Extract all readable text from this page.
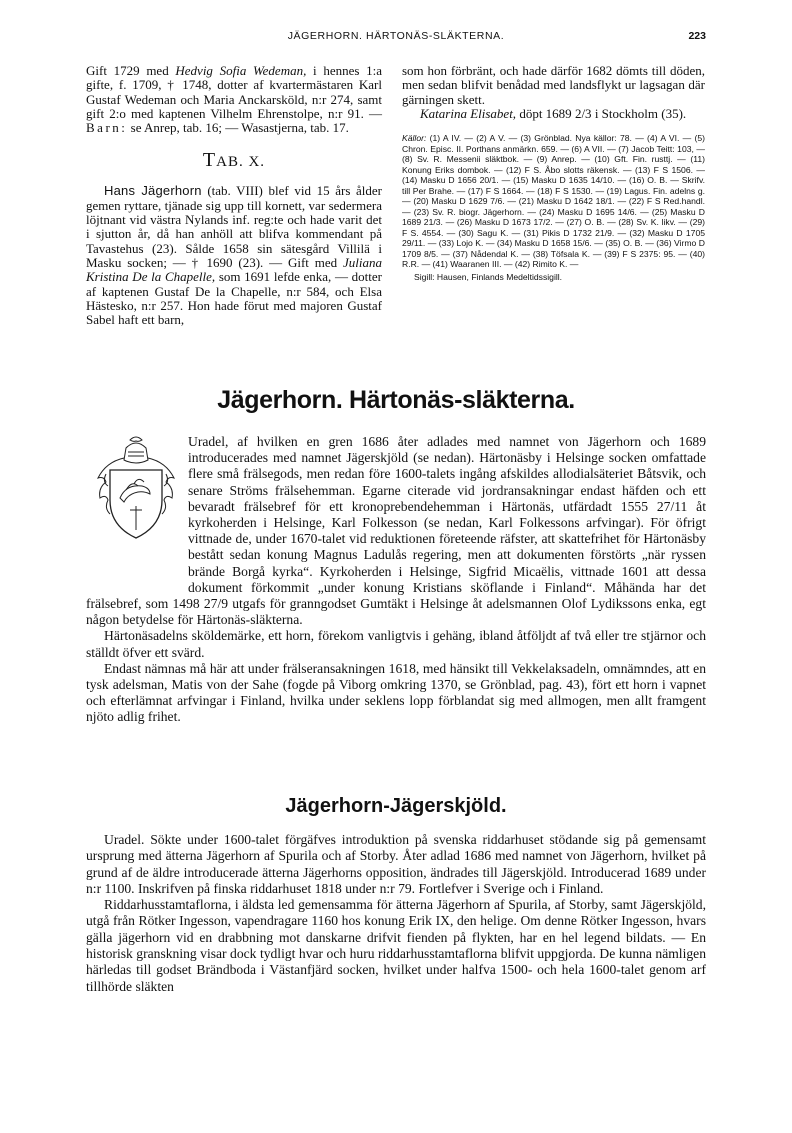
JÄGERHORN. HÄRTONÄS-SLÄKTERNA.	223

Gift 1729 med Hedvig Sofia Wedeman, i hennes 1:a gifte, f. 1709, † 1748, dotter af kvartermästaren Karl Gustaf Wedeman och Maria Anckarsköld, n:r 274, samt gift 2:o med kaptenen Vilhelm Ehrenstolpe, n:r 91. — Barn: se Anrep, tab. 16; — Wasastjerna, tab. 17.

TAB. X.

Hans Jägerhorn (tab. VIII) blef vid 15 års ålder gemen ryttare, tjänade sig upp till kornett, var sedermera löjtnant vid västra Nylands inf. reg:te och hade varit det i sjutton år, då han anhöll att blifva kommendant på Tavastehus (23). Sålde 1658 sin sätesgård Villilä i Masku socken; — † 1690 (23). — Gift med Juliana Kristina De la Chapelle, som 1691 lefde enka, — dotter af kaptenen Gustaf De la Chapelle, n:r 584, och Elsa Hästesko, n:r 257. Hon hade förut med majoren Gustaf Sabel haft ett barn,

som hon förbränt, och hade därför 1682 dömts till döden, men sedan blifvit benådad med landsflykt ur lagsagan där gärningen skett.

Katarina Elisabet, döpt 1689 2/3 i Stockholm (35).

Källor: (1) A IV. — (2) A V. — (3) Grönblad. Nya källor: 78. — (4) A VI. — (5) Chron. Episc. II. Porthans anmärkn. 659. — (6) A VII. — (7) Jacob Teitt: 103, — (8) Sv. R. Messenii släktbok. — (9) Anrep. — (10) Gft. Fin. rusttj. — (11) Konung Eriks dombok. — (12) F S. Åbo slotts räkensk. — (13) F S 1506. — (14) Masku D 1656 20/1. — (15) Masku D 1635 14/10. — (16) O. B. — Skrifv. till Per Brahe. — (17) F S 1664. — (18) F S 1530. — (19) Lagus. Fin. adelns g. — (20) Masku D 1629 7/6. — (21) Masku D 1642 18/1. — (22) F S Red.handl. — (23) Sv. R. biogr. Jägerhorn. — (24) Masku D 1695 14/6. — (25) Masku D 1689 21/3. — (26) Masku D 1673 17/2. — (27) O. B. — (28) Sv. K. likv. — (29) F S. 4554. — (30) Sagu K. — (31) Pikis D 1732 21/9. — (32) Masku D 1705 29/11. — (33) Lojo K. — (34) Masku D 1658 15/6. — (35) O. B. — (36) Virmo D 1709 8/5. — (37) Nådendal K. — (38) Töfsala K. — (39) F S 2375: 95. — (40) R.R. — (41) Waaranen III. — (42) Rimito K. —

Sigill: Hausen, Finlands Medeltidssigill.

Jägerhorn. Härtonäs-släkterna.

Uradel, af hvilken en gren 1686 åter adlades med namnet von Jägerhorn och 1689 introducerades med namnet Jägerskjöld (se nedan). Härtonäsby i Helsinge socken omfattade flere små frälsegods, men redan före 1600-talets ingång afskildes allodialsäteriet Båtsvik, och senare Ströms frälsehemman. Egarne citerade vid jordransakningar endast häfden och ett bevaradt frälsebref för ett kronoprebendehemman i Härtonäs, utfärdadt 1555 27/11 åt kyrkoherden i Helsinge, Karl Folkesson (se nedan, Karl Folkessons arfvingar). För öfrigt vittnade de, under 1670-talet vid reduktionen företeende räfster, att skattefrihet för Härtonäsby bestått sedan konung Magnus Ladulås regering, men att dokumenten förstörts „när ryssen brände Borgå kyrka“. Kyrkoherden i Helsinge, Sigfrid Micaëlis, vittnade 1601 att dessa dokument förkommit „under konung Kristians sköflande i Finland“. Måhända har det frälsebref, som 1498 27/9 utgafs för granngodset Gumtäkt i Helsinge åt adelsmannen Olof Lydikssons enka, egt någon betydelse för Härtonäs-släkterna.

Härtonäsadelns sköldemärke, ett horn, förekom vanligtvis i gehäng, ibland åtföljdt af två eller tre stjärnor och ställdt öfver ett svärd.

Endast nämnas må här att under frälseransakningen 1618, med hänsikt till Vekkelaksadeln, omnämndes, att en tysk adelsman, Matis von der Sahe (fogde på Viborg omkring 1370, se Grönblad, pag. 43), fört ett horn i vapnet och efterlämnat arfvingar i Finland, hvilka under seklens lopp förblandat sig med allmogen, men allt framgent njöto adlig frihet.

Jägerhorn-Jägerskjöld.

Uradel. Sökte under 1600-talet förgäfves introduktion på svenska riddarhuset stödande sig på gemensamt ursprung med ätterna Jägerhorn af Spurila och af Storby. Åter adlad 1686 med namnet von Jägerhorn, hvilket på grund af de äldre introducerade ätterna Jägerhorns opposition, ändrades till Jägerskjöld. Introducerad 1689 under n:r 1100. Inskrifven på finska riddarhuset 1818 under n:r 79. Fortlefver i Sverige och i Finland.

Riddarhusstamtaflorna, i äldsta led gemensamma för ätterna Jägerhorn af Spurila, af Storby, samt Jägerskjöld, utgå från Rötker Ingesson, vapendragare 1160 hos konung Erik IX, den helige. Om denne Rötker Ingesson, hvars gälla jägerhorn vid en drabbning mot danskarne drifvit fienden på flykten, har en hel legend bildats. — En historisk granskning visar dock tydligt hvar och huru riddarhusstamtaflorna blifvit uppgjorda. De kunna nämligen härledas till godset Brändboda i Västanfjärd socken, hvilket under halfva 1500- och hela 1600-talet genom arf tillhörde släkten
